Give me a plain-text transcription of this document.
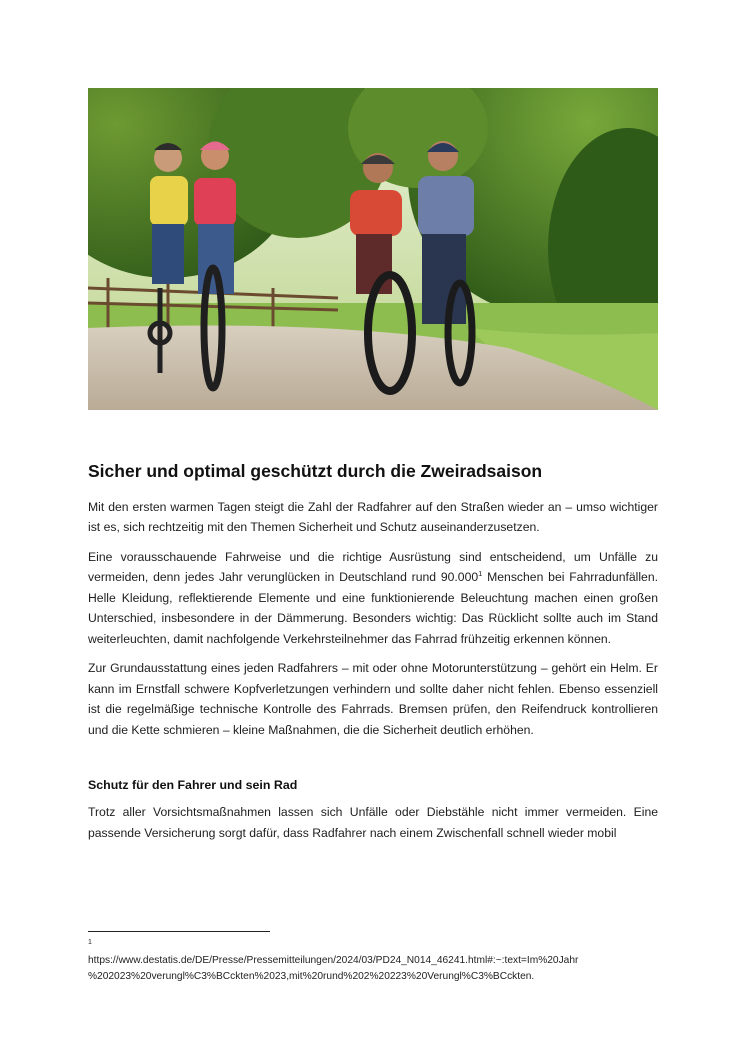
Sicher und optimal geschützt durch die Zweiradsaison

Mit den ersten warmen Tagen steigt die Zahl der Radfahrer auf den Straßen wieder an – umso wichtiger ist es, sich rechtzeitig mit den Themen Sicherheit und Schutz auseinanderzusetzen.

Eine vorausschauende Fahrweise und die richtige Ausrüstung sind entscheidend, um Unfälle zu vermeiden, denn jedes Jahr verunglücken in Deutschland rund 90.000$^1$ Menschen bei Fahrradunfällen. Helle Kleidung, reflektierende Elemente und eine funktionierende Beleuchtung machen einen großen Unterschied, insbesondere in der Dämmerung. Besonders wichtig: Das Rücklicht sollte auch im Stand weiterleuchten, damit nachfolgende Verkehrsteilnehmer das Fahrrad frühzeitig erkennen können.

Zur Grundausstattung eines jeden Radfahrers – mit oder ohne Motorunterstützung – gehört ein Helm. Er kann im Ernstfall schwere Kopfverletzungen verhindern und sollte daher nicht fehlen. Ebenso essenziell ist die regelmäßige technische Kontrolle des Fahrrads. Bremsen prüfen, den Reifendruck kontrollieren und die Kette schmieren – kleine Maßnahmen, die die Sicherheit deutlich erhöhen.

Schutz für den Fahrer und sein Rad

Trotz aller Vorsichtsmaßnahmen lassen sich Unfälle oder Diebstähle nicht immer vermeiden. Eine passende Versicherung sorgt dafür, dass Radfahrer nach einem Zwischenfall schnell wieder mobil

1
https://www.destatis.de/DE/Presse/Pressemitteilungen/2024/03/PD24_N014_46241.html#:~:text=Im%20Jahr
%202023%20verungl%C3%BCckten%2023,mit%20rund%202%20223%20Verungl%C3%BCckten.
